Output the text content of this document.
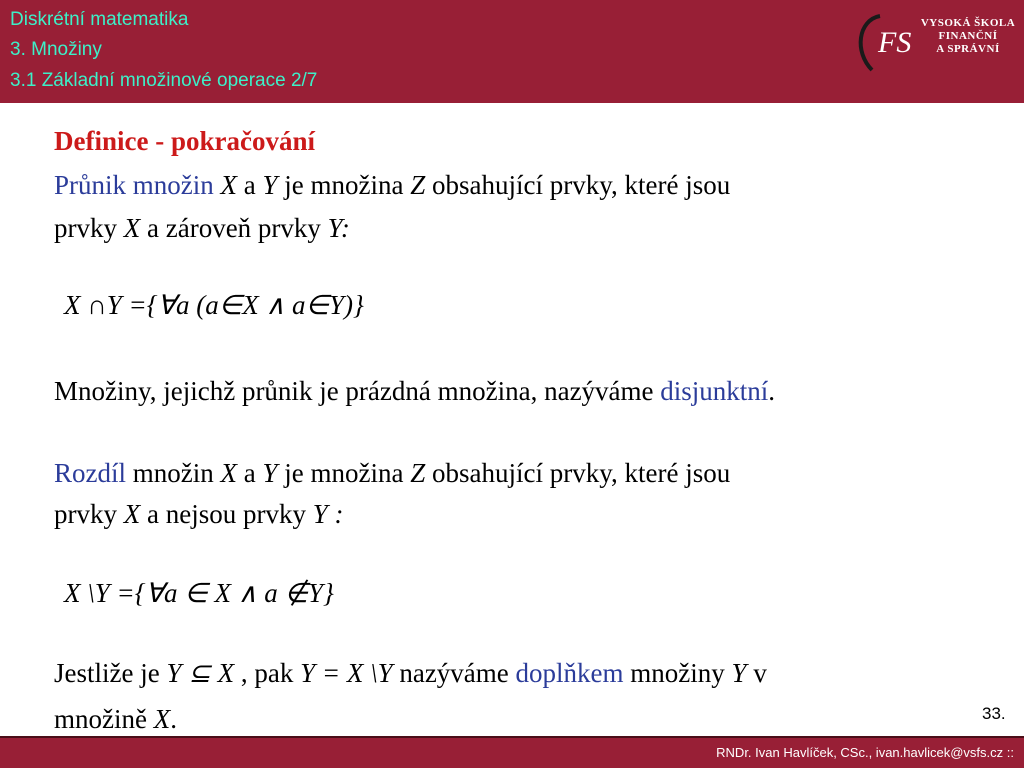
Diskrétní matematika
3. Množiny
3.1 Základní množinové operace 2/7
FS
VYSOKÁ ŠKOLA
FINANČNÍ
A SPRÁVNÍ
Definice - pokračování
Průnik množin X a Y je množina Z obsahující prvky, které jsou
prvky X a zároveň prvky Y:
X ∩Y ={∀a (a∈X ∧ a∈Y)}
Množiny, jejichž průnik je prázdná množina, nazýváme disjunktní.
Rozdíl množin X a Y je množina Z obsahující prvky, které jsou
prvky X a nejsou prvky Y :
X \Y ={∀a ∈ X ∧ a ∉Y}
Jestliže je Y ⊆ X , pak Y = X \Y nazýváme doplňkem množiny Y v
množině X.	33.
RNDr. Ivan Havlíček, CSc., ivan.havlicek@vsfs.cz ::
